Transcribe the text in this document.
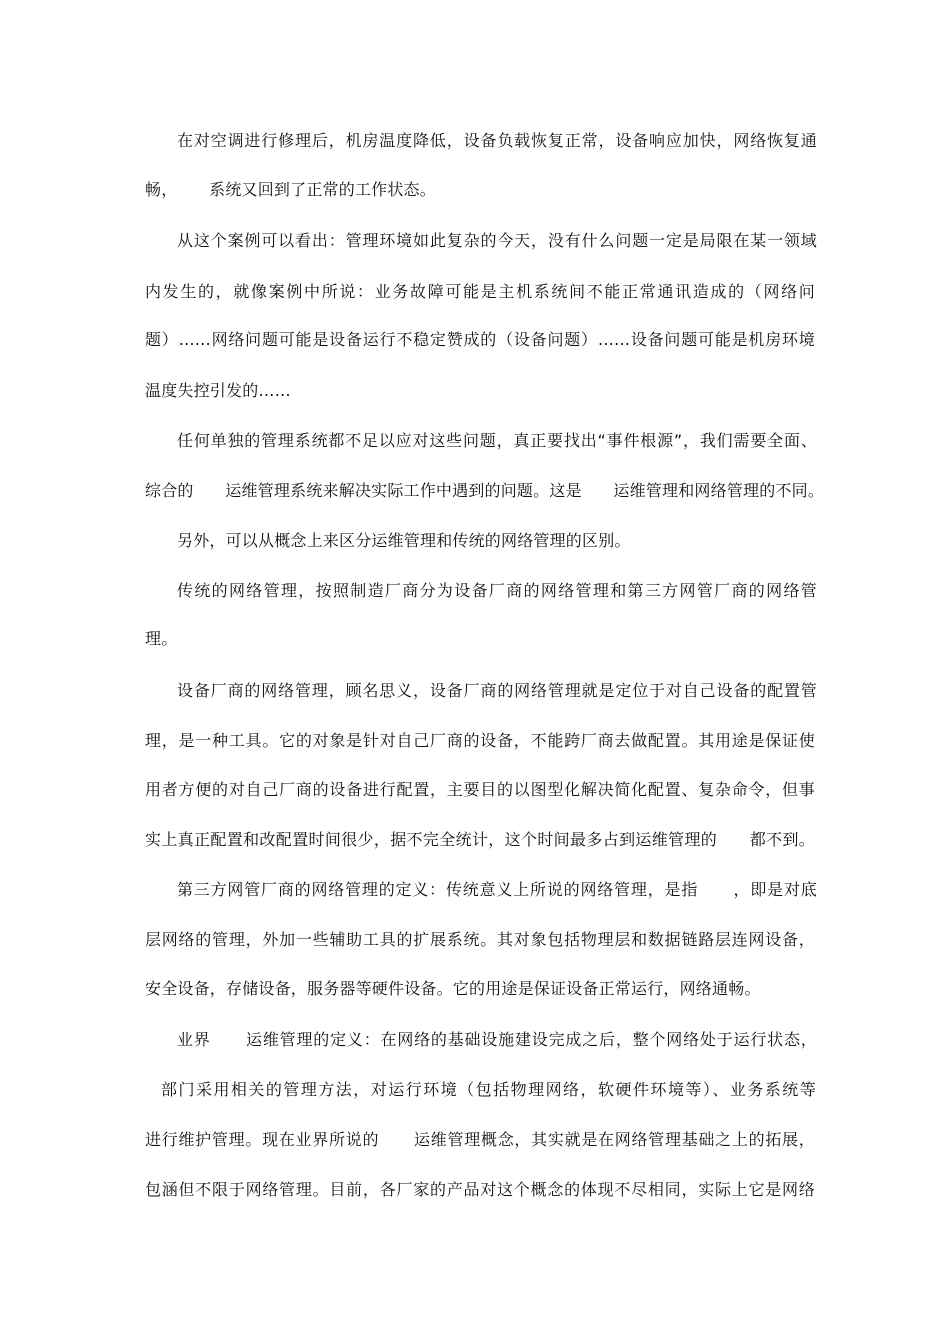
在对空调进行修理后，机房温度降低，设备负载恢复正常，设备响应加快，网络恢复通
畅，      系统又回到了正常的工作状态。
从这个案例可以看出：管理环境如此复杂的今天，没有什么问题一定是局限在某一领域
内发生的，就像案例中所说：业务故障可能是主机系统间不能正常通讯造成的（网络问
题）……网络问题可能是设备运行不稳定赞成的（设备问题）……设备问题可能是机房环境
温度失控引发的……
任何单独的管理系统都不足以应对这些问题，真正要找出“事件根源”，我们需要全面、
综合的      运维管理系统来解决实际工作中遇到的问题。这是      运维管理和网络管理的不同。
另外，可以从概念上来区分运维管理和传统的网络管理的区别。
传统的网络管理，按照制造厂商分为设备厂商的网络管理和第三方网管厂商的网络管
理。
设备厂商的网络管理，顾名思义，设备厂商的网络管理就是定位于对自己设备的配置管
理，是一种工具。它的对象是针对自己厂商的设备，不能跨厂商去做配置。其用途是保证使
用者方便的对自己厂商的设备进行配置，主要目的以图型化解决简化配置、复杂命令，但事
实上真正配置和改配置时间很少，据不完全统计，这个时间最多占到运维管理的      都不到。
第三方网管厂商的网络管理的定义：传统意义上所说的网络管理，是指      ，即是对底
层网络的管理，外加一些辅助工具的扩展系统。其对象包括物理层和数据链路层连网设备，
安全设备，存储设备，服务器等硬件设备。它的用途是保证设备正常运行，网络通畅。
业界      运维管理的定义：在网络的基础设施建设完成之后，整个网络处于运行状态，
部门采用相关的管理方法，对运行环境（包括物理网络，软硬件环境等）、业务系统等
进行维护管理。现在业界所说的      运维管理概念，其实就是在网络管理基础之上的拓展，
包涵但不限于网络管理。目前，各厂家的产品对这个概念的体现不尽相同，实际上它是网络
